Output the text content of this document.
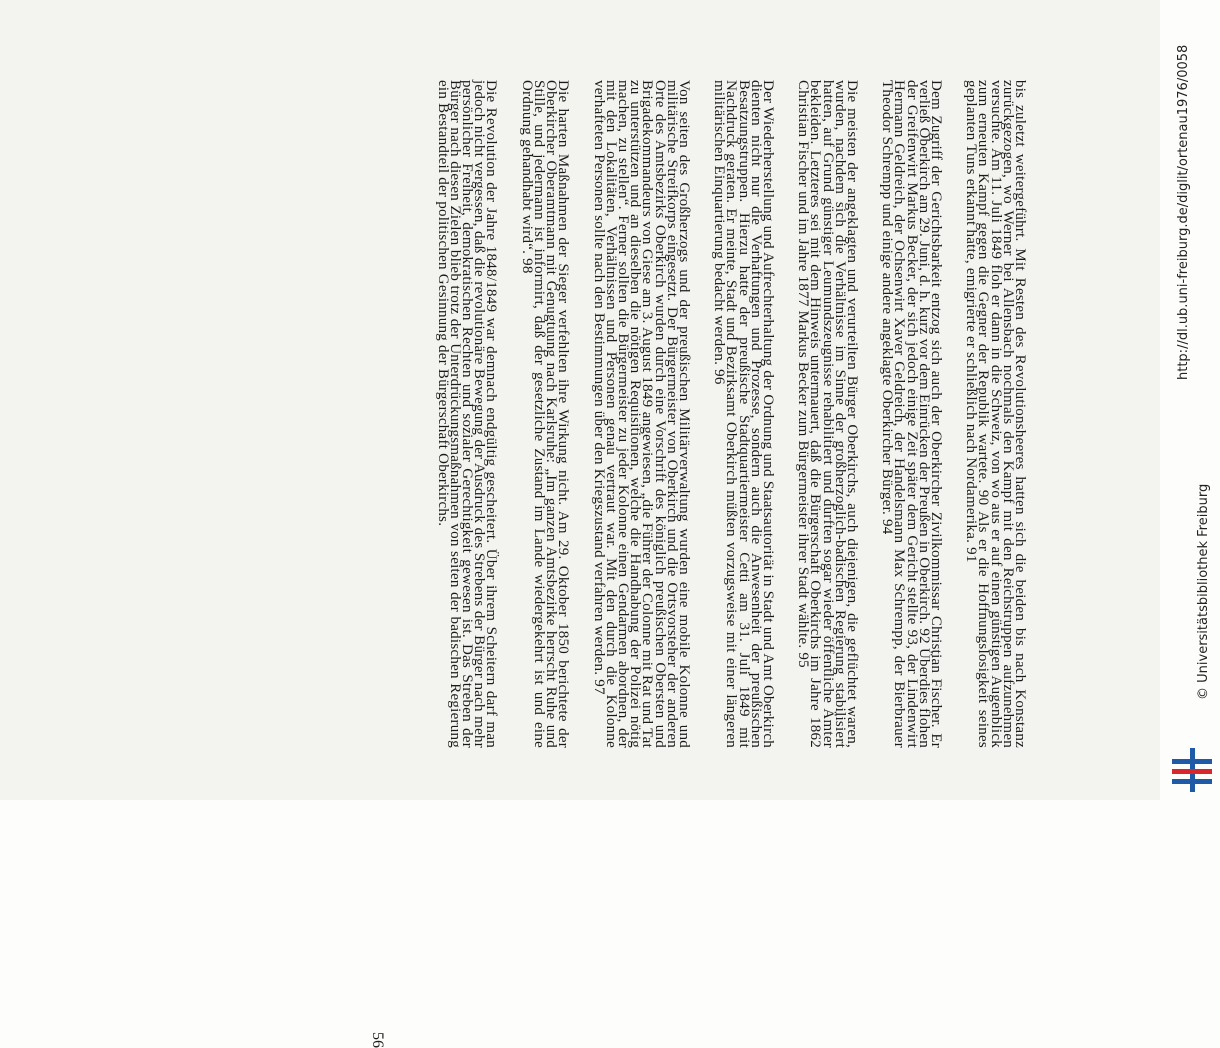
bis zuletzt weitergeführt. Mit Resten des Revolutionsheeres hatten sich die beiden bis nach Konstanz zurückgezogen, wo Werner bei Allensbach nochmals den Kampf mit den Reichstruppen aufzunehmen versuchte. Am 11. Juli 1849 floh er dann in die Schweiz, von wo aus er auf einen günstigen Augenblick zum erneuten Kampf gegen die Gegner der Republik wartete. 90 Als er die Hoffnungslosigkeit seines geplanten Tuns erkannt hatte, emigrierte er schließlich nach Nordamerika. 91

Dem Zugriff der Gerichtsbarkeit entzog sich auch der Oberkircher Zivilkommissar Christian Fischer. Er verließ Oberkirch am 29. Juni, d. h. kurz vor dem Einrücken der Preußen in Oberkirch. 92 Überdies flohen der Greifenwirt Markus Becker, der sich jedoch einige Zeit später dem Gericht stellte 93, der Lindenwirt Hermann Geldreich, der Ochsenwirt Xaver Geldreich, der Handelsmann Max Schrempp, der Bierbrauer Theodor Schrempp und einige andere angeklagte Oberkircher Bürger. 94

Die meisten der angeklagten und verurteilten Bürger Oberkirchs, auch diejenigen, die geflüchtet waren, wurden, nachdem sich die Verhältnisse im Sinne der großherzoglich-badischen Regierung stabilisiert hatten, auf Grund günstiger Leumundszeugnisse rehabilitiert und durften sogar wieder öffentliche Ämter bekleiden. Letzteres sei mit dem Hinweis untermauert, daß die Bürgerschaft Oberkirchs im Jahre 1862 Christian Fischer und im Jahre 1877 Markus Becker zum Bürgermeister ihrer Stadt wählte. 95

Der Wiederherstellung und Aufrechterhaltung der Ordnung und Staatsautorität in Stadt und Amt Oberkirch dienten nicht nur die Verhaftungen und Prozesse, sondern auch die Anwesenheit der preußischen Besatzungstruppen. Hierzu hatte der preußische Stadtquartiermeister Cetti am 31. Juli 1849 mit Nachdruck geraten. Er meinte, Stadt und Bezirksamt Oberkirch müßten vorzugsweise mit einer längeren militärischen Einquartierung bedacht werden. 96

Von seiten des Großherzogs und der preußischen Militärverwaltung wurden eine mobile Kolonne und militärische Streifkorps eingesetzt. Der Bürgermeister von Oberkirch und die Ortsvorsteher der anderen Orte des Amtsbezirks Oberkirch wurden durch eine Vorschrift des königlich preußischen Obersten und Brigadekommandeurs von Giese am 3. August 1849 angewiesen, „die Führer der Colonne mit Rat und Tat zu unterstützen und an dieselben die nötigen Requisitionen, welche die Handhabung der Polizei nötig machen, zu stellen“. Ferner sollten die Bürgermeister zu jeder Kolonne einen Gendarmen abordnen, der mit den Lokalitäten, Verhältnissen und Personen genau vertraut war. Mit den durch die Kolonne verhafteten Personen sollte nach den Bestimmungen über den Kriegszustand verfahren werden. 97

Die harten Maßnahmen der Sieger verfehlten ihre Wirkung nicht. Am 29. Oktober 1850 berichtete der Oberkircher Oberamtmann mit Genugtuung nach Karlsruhe: „Im ganzen Amtsbezirke herrscht Ruhe und Stille, und jedermann ist informirt, daß der gesetzliche Zustand im Lande wiedergekehrt ist und eine Ordnung gehandhabt wird“. 98

Die Revolution der Jahre 1848/1849 war demnach endgültig gescheitert. Über ihrem Scheitern darf man jedoch nicht vergessen, daß die revolutionäre Bewegung der Ausdruck des Strebens der Bürger nach mehr persönlicher Freiheit, demokratischen Rechten und sozialer Gerechtigkeit gewesen ist. Das Streben der Bürger nach diesen Zielen blieb trotz der Unterdrückungsmaßnahmen von seiten der badischen Regierung ein Bestandteil der politischen Gesinnung der Bürgerschaft Oberkirchs.

56
http://dl.ub.uni-freiburg.de/diglit/ortenau1976/0058
© Universitätsbibliothek Freiburg
